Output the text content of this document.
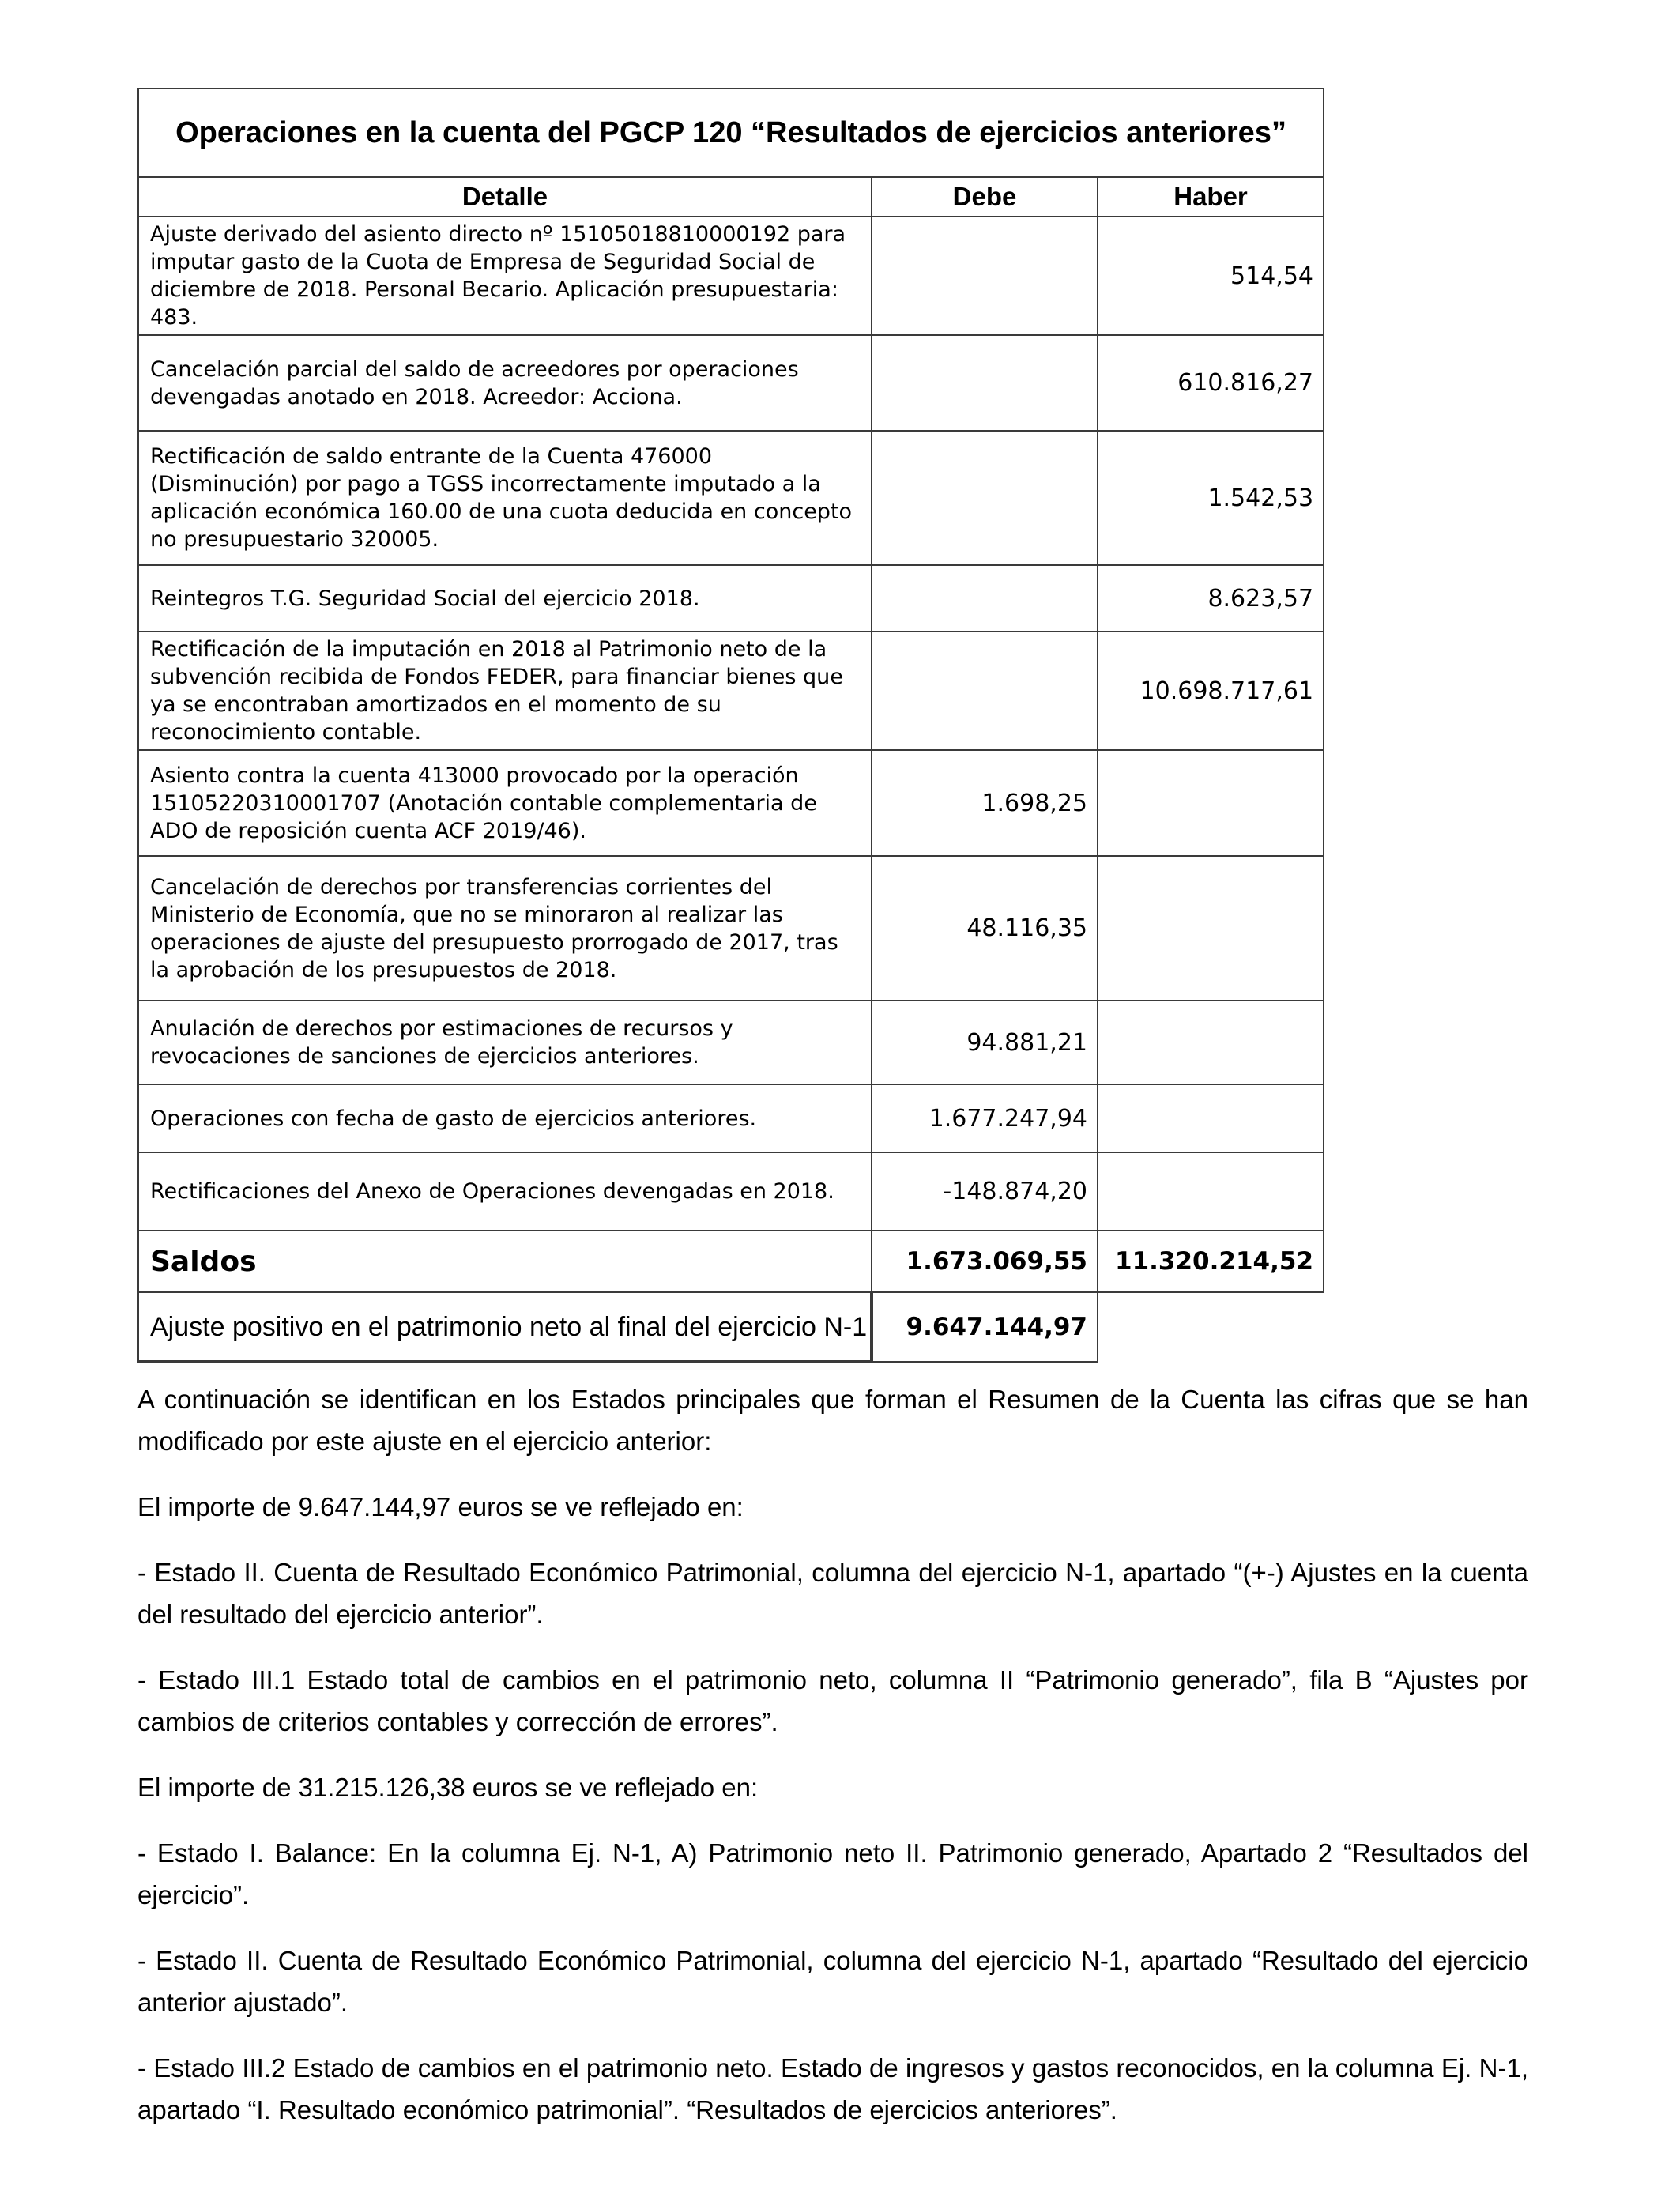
Operaciones en la cuenta del PGCP 120 “Resultados de ejercicios anteriores”		
Detalle	Debe	Haber
Ajuste derivado del asiento directo nº 15105018810000192 para imputar gasto de la Cuota de Empresa de Seguridad Social de diciembre de 2018. Personal Becario. Aplicación presupuestaria: 483.		514,54
Cancelación parcial del saldo de acreedores por operaciones devengadas anotado en 2018. Acreedor: Acciona.		610.816,27
Rectificación de saldo entrante de la Cuenta 476000 (Disminución) por pago a TGSS incorrectamente imputado a la aplicación económica 160.00 de una cuota deducida en concepto no presupuestario 320005.		1.542,53
Reintegros T.G. Seguridad Social del ejercicio 2018.		8.623,57
Rectificación de la imputación en 2018 al Patrimonio neto de la subvención recibida de Fondos FEDER, para financiar bienes que ya se encontraban amortizados en el momento de su reconocimiento contable.		10.698.717,61
Asiento contra la cuenta 413000 provocado por la operación 15105220310001707 (Anotación contable complementaria de ADO de reposición cuenta ACF 2019/46).	1.698,25	
Cancelación de derechos por transferencias corrientes del Ministerio de Economía, que no se minoraron al realizar las operaciones de ajuste del presupuesto prorrogado de 2017, tras la aprobación de los presupuestos de 2018.	48.116,35	
Anulación de derechos por estimaciones de recursos y revocaciones de sanciones de ejercicios anteriores.	94.881,21	
Operaciones con fecha de gasto de ejercicios anteriores.	1.677.247,94	
Rectificaciones del Anexo de Operaciones devengadas en 2018.	-148.874,20	
Saldos	1.673.069,55	11.320.214,52
Ajuste positivo en el patrimonio neto al final del ejercicio N-1	9.647.144,97	

A continuación se identifican en los Estados principales que forman el Resumen de la Cuenta las cifras que se han modificado por este ajuste en el ejercicio anterior:

El importe de 9.647.144,97 euros se ve reflejado en:

- Estado II. Cuenta de Resultado Económico Patrimonial, columna del ejercicio N-1, apartado “(+-) Ajustes en la cuenta del resultado del ejercicio anterior”.

- Estado III.1 Estado total de cambios en el patrimonio neto, columna II “Patrimonio generado”, fila B “Ajustes por cambios de criterios contables y corrección de errores”.

El importe de 31.215.126,38 euros se ve reflejado en:

- Estado I. Balance: En la columna Ej. N-1, A) Patrimonio neto II. Patrimonio generado, Apartado 2 “Resultados del ejercicio”.

- Estado II. Cuenta de Resultado Económico Patrimonial, columna del ejercicio N-1, apartado “Resultado del ejercicio anterior ajustado”.

- Estado III.2 Estado de cambios en el patrimonio neto. Estado de ingresos y gastos reconocidos, en la columna Ej. N-1, apartado “I. Resultado económico patrimonial”. “Resultados de ejercicios anteriores”.
